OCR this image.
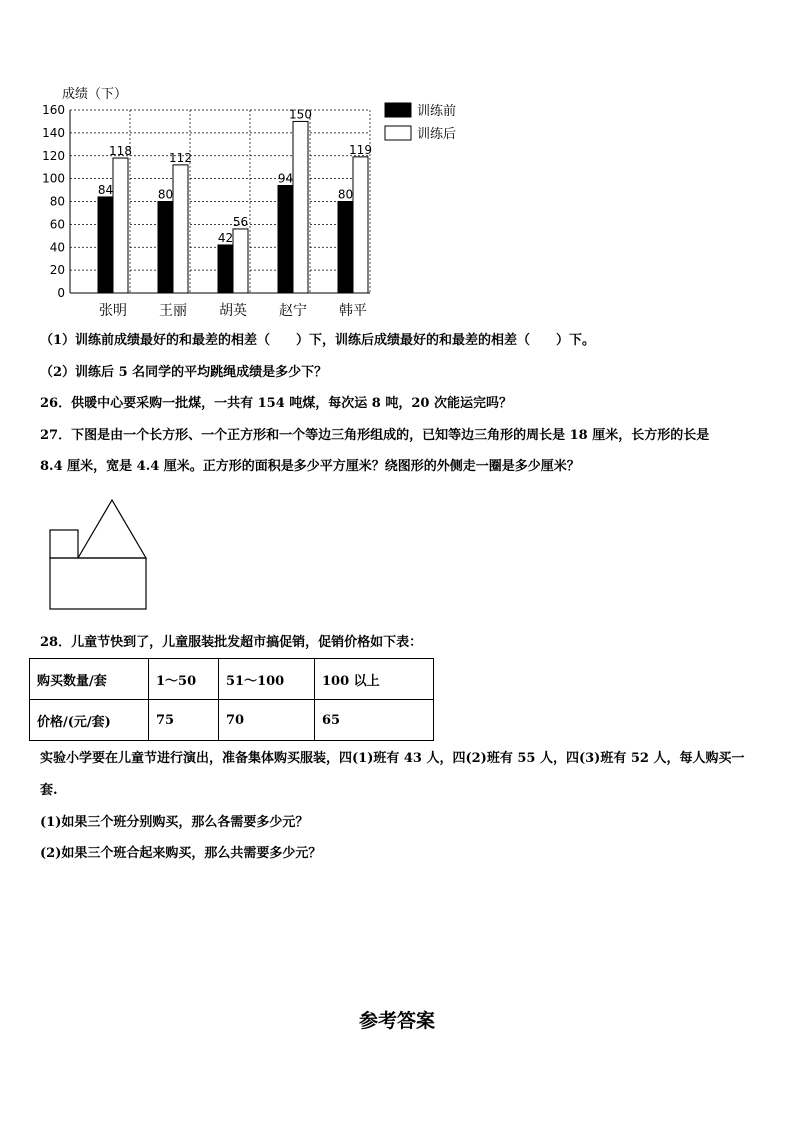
成绩（下）
0
20
40
60
80
100
120
140
160
84
118
80
112
42
56
94
150
80
119
张明 王丽 胡英 赵宁 韩平
训练前
训练后
（1）训练前成绩最好的和最差的相差（　　）下，训练后成绩最好的和最差的相差（　　）下。
（2）训练后 5 名同学的平均跳绳成绩是多少下？
26．供暖中心要采购一批煤，一共有 154 吨煤，每次运 8 吨，20 次能运完吗？
27．下图是由一个长方形、一个正方形和一个等边三角形组成的，已知等边三角形的周长是 18 厘米，长方形的长是
8.4 厘米，宽是 4.4 厘米。正方形的面积是多少平方厘米？绕图形的外侧走一圈是多少厘米？
28．儿童节快到了，儿童服装批发超市搞促销，促销价格如下表：
购买数量/套	1～50	51～100	100 以上
价格/(元/套)	75	70	65
实验小学要在儿童节进行演出，准备集体购买服装，四(1)班有 43 人，四(2)班有 55 人，四(3)班有 52 人，每人购买一
套.
(1)如果三个班分别购买，那么各需要多少元？
(2)如果三个班合起来购买，那么共需要多少元？
参考答案
